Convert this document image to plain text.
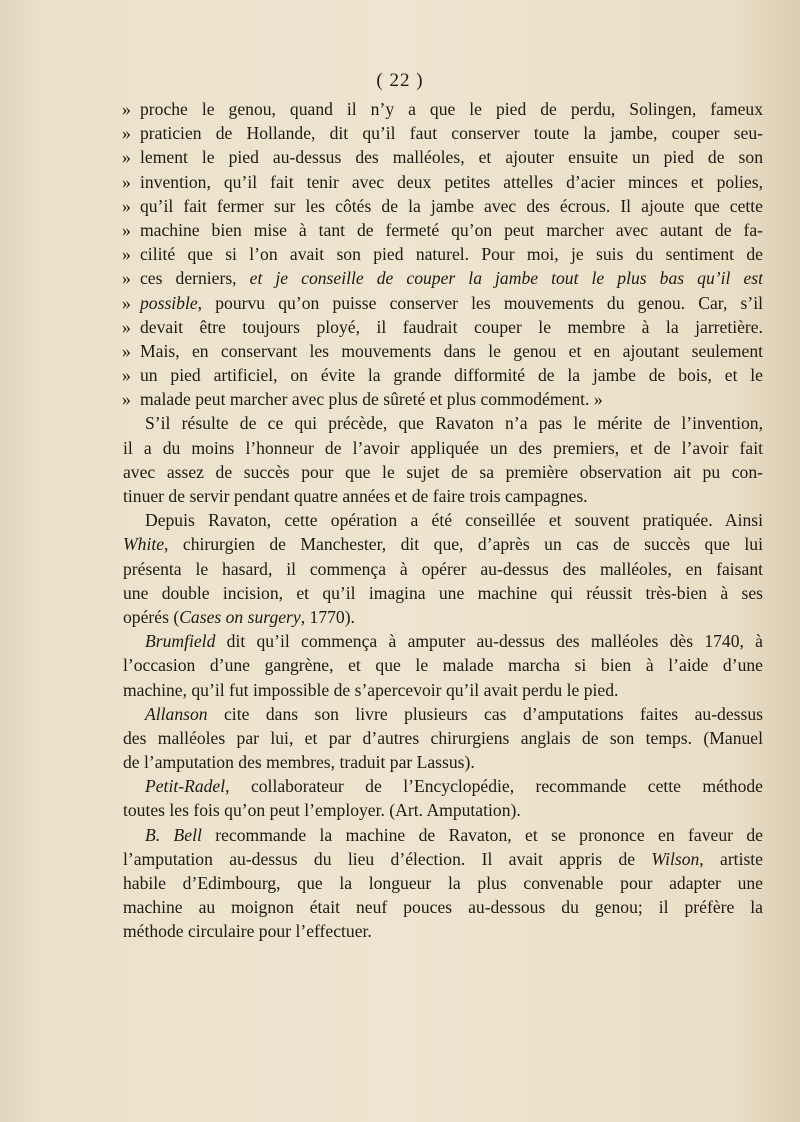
( 22 )
» proche le genou, quand il n’y a que le pied de perdu, Solingen, fameux
» praticien de Hollande, dit qu’il faut conserver toute la jambe, couper seu-
» lement le pied au-dessus des malléoles, et ajouter ensuite un pied de son
» invention, qu’il fait tenir avec deux petites attelles d’acier minces et polies,
» qu’il fait fermer sur les côtés de la jambe avec des écrous. Il ajoute que cette
» machine bien mise à tant de fermeté qu’on peut marcher avec autant de fa-
» cilité que si l’on avait son pied naturel. Pour moi, je suis du sentiment de
» ces derniers, et je conseille de couper la jambe tout le plus bas qu’il est
» possible, pourvu qu’on puisse conserver les mouvements du genou. Car, s’il
» devait être toujours ployé, il faudrait couper le membre à la jarretière.
» Mais, en conservant les mouvements dans le genou et en ajoutant seulement
» un pied artificiel, on évite la grande difformité de la jambe de bois, et le
» malade peut marcher avec plus de sûreté et plus commodément. »
S’il résulte de ce qui précède, que Ravaton n’a pas le mérite de l’invention,
il a du moins l’honneur de l’avoir appliquée un des premiers, et de l’avoir fait
avec assez de succès pour que le sujet de sa première observation ait pu con-
tinuer de servir pendant quatre années et de faire trois campagnes.
Depuis Ravaton, cette opération a été conseillée et souvent pratiquée. Ainsi
White, chirurgien de Manchester, dit que, d’après un cas de succès que lui
présenta le hasard, il commença à opérer au-dessus des malléoles, en faisant
une double incision, et qu’il imagina une machine qui réussit très-bien à ses
opérés (Cases on surgery, 1770).
Brumfield dit qu’il commença à amputer au-dessus des malléoles dès 1740, à
l’occasion d’une gangrène, et que le malade marcha si bien à l’aide d’une
machine, qu’il fut impossible de s’apercevoir qu’il avait perdu le pied.
Allanson cite dans son livre plusieurs cas d’amputations faites au-dessus
des malléoles par lui, et par d’autres chirurgiens anglais de son temps. (Manuel
de l’amputation des membres, traduit par Lassus).
Petit-Radel, collaborateur de l’Encyclopédie, recommande cette méthode
toutes les fois qu’on peut l’employer. (Art. Amputation).
B. Bell recommande la machine de Ravaton, et se prononce en faveur de
l’amputation au-dessus du lieu d’élection. Il avait appris de Wilson, artiste
habile d’Edimbourg, que la longueur la plus convenable pour adapter une
machine au moignon était neuf pouces au-dessous du genou; il préfère la
méthode circulaire pour l’effectuer.
